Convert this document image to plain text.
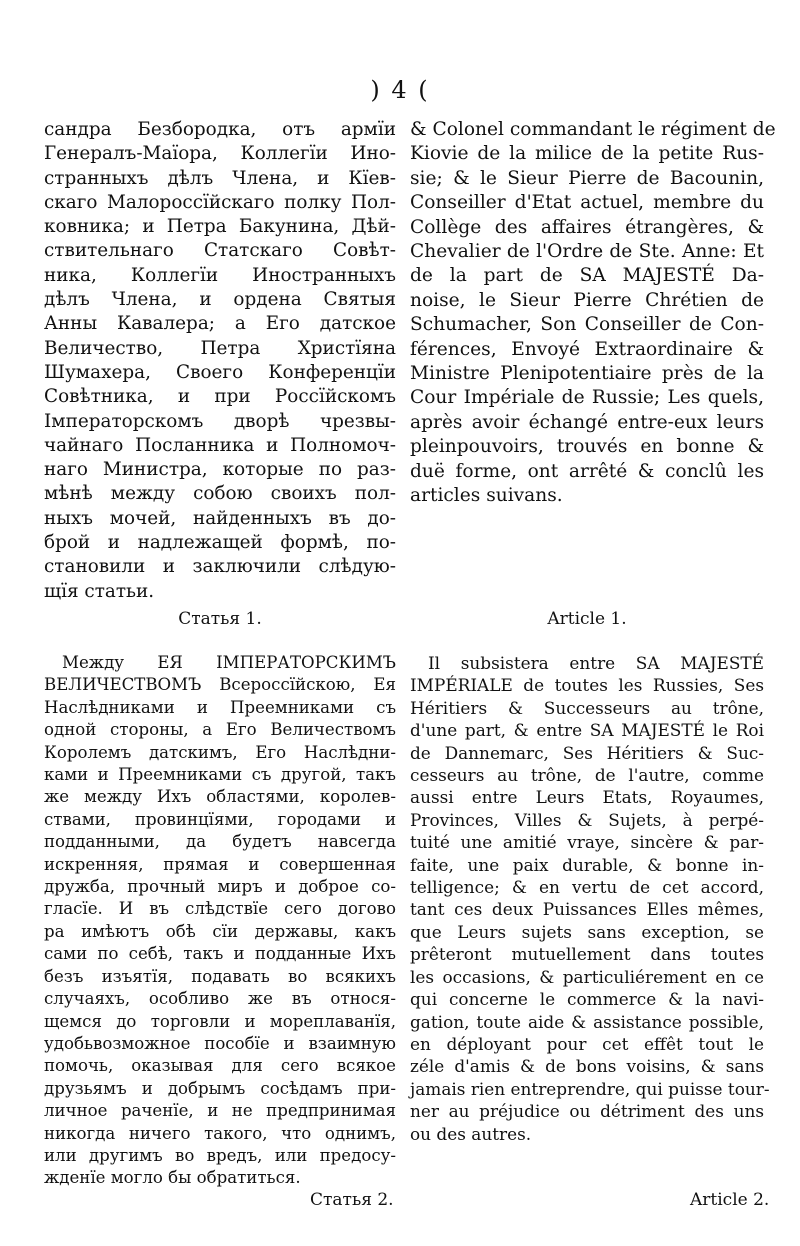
) 4 (
сандра Безбородка, отъ армїи
Генералъ-Маїора, Коллегїи Ино-
странныхъ дѣлъ Члена, и Кїев-
скаго Малороссїйскаго полку Пол-
ковника; и Петра Бакунина, Дѣй-
ствительнаго Статскаго Совѣт-
ника, Коллегїи Иностранныхъ
дѣлъ Члена, и ордена Святыя
Анны Кавалера; а Его датское
Величество, Петра Христїяна
Шумахера, Своего Конференцїи
Совѣтника, и при Россїйскомъ
Iмператорскомъ дворѣ чрезвы-
чайнаго Посланника и Полномоч-
наго Министра, которые по раз-
мѣнѣ между собою своихъ пол-
ныхъ мочей, найденныхъ въ до-
брой и надлежащей формѣ, по-
становили и заключили слѣдую-
щїя статьи.
& Colonel commandant le régiment de
Kiovie de la milice de la petite Rus-
sie; & le Sieur Pierre de Bacounin,
Conseiller d'Etat actuel, membre du
Collège des affaires étrangères, &
Chevalier de l'Ordre de Ste. Anne: Et
de la part de SA MAJESTÉ Da-
noise, le Sieur Pierre Chrétien de
Schumacher, Son Conseiller de Con-
férences, Envoyé Extraordinaire &
Ministre Plenipotentiaire près de la
Cour Impériale de Russie; Les quels,
après avoir échangé entre-eux leurs
pleinpouvoirs, trouvés en bonne &
duë forme, ont arrêté & conclû les
articles suivans.
Статья 1.	Article 1.
Между ЕЯ IМПЕРАТОРСКИМЪ
ВЕЛИЧЕСТВОМЪ Всероссїйскою, Ея
Наслѣдниками и Преемниками съ
одной стороны, а Его Величествомъ
Королемъ датскимъ, Его Наслѣдни-
ками и Преемниками съ другой, такъ
же между Ихъ областями, королев-
ствами, провинцїями, городами и
подданными, да будетъ навсегда
искренняя, прямая и совершенная
дружба, прочный миръ и доброе со-
гласїе. И въ слѣдствїе сего догово
ра имѣютъ обѣ сїи державы, какъ
сами по себѣ, такъ и подданные Ихъ
безъ изъятїя, подавать во всякихъ
случаяхъ, особливо же въ относя-
щемся до торговли и мореплаванїя,
удобьвозможное пособїе и взаимную
помочь, оказывая для сего всякое
друзьямъ и добрымъ сосѣдамъ при-
личное раченїе, и не предпринимая
никогда ничего такого, что однимъ,
или другимъ во вредъ, или предосу-
жденїе могло бы обратиться.
Il subsistera entre SA MAJESTÉ
IMPÉRIALE de toutes les Russies, Ses
Héritiers & Successeurs au trône,
d'une part, & entre SA MAJESTÉ le Roi
de Dannemarc, Ses Héritiers & Suc-
cesseurs au trône, de l'autre, comme
aussi entre Leurs Etats, Royaumes,
Provinces, Villes & Sujets, à perpé-
tuité une amitié vraye, sincère & par-
faite, une paix durable, & bonne in-
telligence; & en vertu de cet accord,
tant ces deux Puissances Elles mêmes,
que Leurs sujets sans exception, se
prêteront mutuellement dans toutes
les occasions, & particuliérement en ce
qui concerne le commerce & la navi-
gation, toute aide & assistance possible,
en déployant pour cet effêt tout le
zéle d'amis & de bons voisins, & sans
jamais rien entreprendre, qui puisse tour-
ner au préjudice ou détriment des uns
ou des autres.
Статья 2.	Article 2.
